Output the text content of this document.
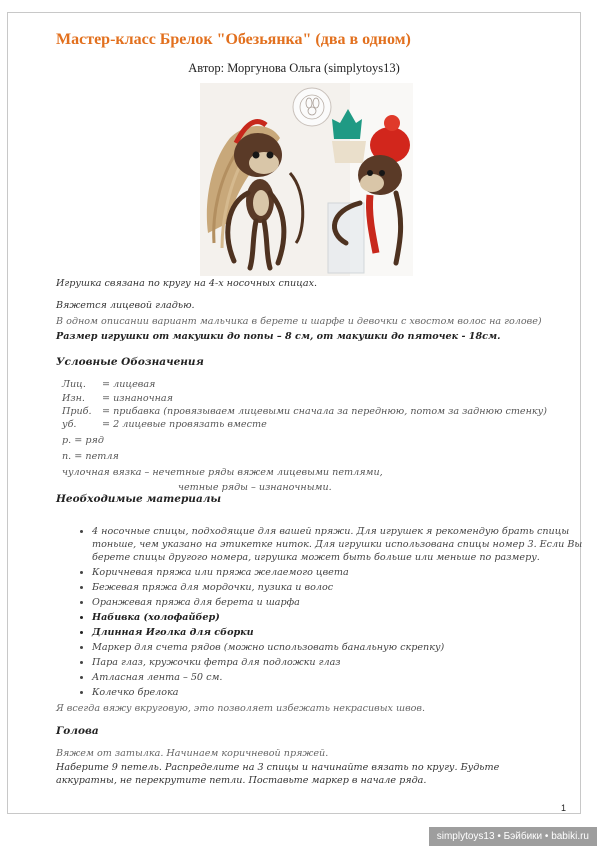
Мастер-класс Брелок "Обезьянка" (два в одном)

Автор: Моргунова Ольга (simplytoys13)

Игрушка связана по кругу на 4-х носочных спицах.

Вяжется лицевой гладью.

В одном описании вариант мальчика в берете и шарфе и девочки с хвостом волос на голове)

Размер игрушки от макушки до попы – 8 см, от макушки до пяточек - 18см.

Условные Обозначения

Лиц. = лицевая

Изн. = изнаночная

Приб. = прибавка (провязываем лицевыми сначала за переднюю, потом за заднюю стенку)

уб.	= 2 лицевые провязать вместе

р. = ряд

п. = петля

чулочная вязка – нечетные ряды вяжем лицевыми петлями,

четные ряды – изнаночными.

Необходимые материалы

• 4 носочные спицы, подходящие для вашей пряжи. Для игрушек я рекомендую брать спицы тоньше, чем указано на этикетке ниток. Для игрушки использована спицы номер 3. Если Вы берете спицы другого номера, игрушка может быть больше или меньше по размеру.
• Коричневая пряжа или пряжа желаемого цвета
• Бежевая пряжа для мордочки, пузика и волос
• Оранжевая пряжа для берета и шарфа
• Набивка (холофайбер)
• Длинная Иголка для сборки
• Маркер для счета рядов (можно использовать банальную скрепку)
• Пара глаз, кружочки фетра для подложки глаз
• Атласная лента – 50 см.
• Колечко брелока

Я всегда вяжу вкруговую, это позволяет избежать некрасивых швов.

Голова

Вяжем от затылка. Начинаем коричневой пряжей.

Наберите 9 петель. Распределите на 3 спицы и начинайте вязать по кругу. Будьте

аккуратны, не перекрутите петли. Поставьте маркер в начале ряда.

1

simplytoys13 • Бэйбики • babiki.ru
